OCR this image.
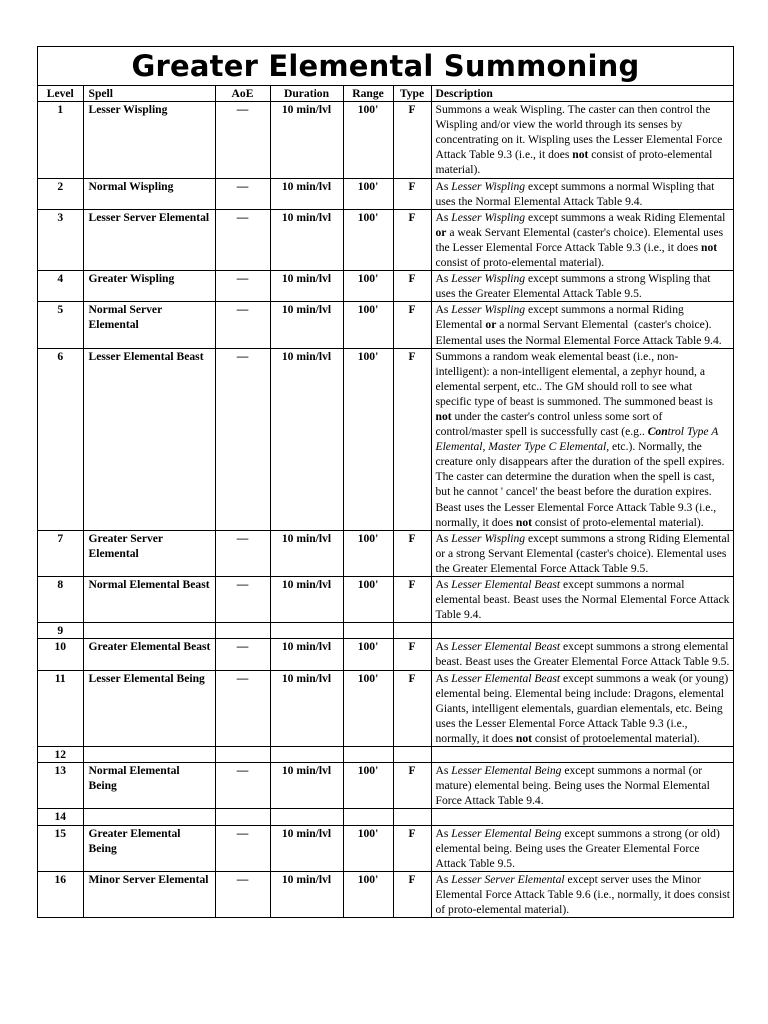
Greater Elemental Summoning
Level	Spell	AoE	Duration	Range	Type	Description
1	Lesser Wispling	—	10 min/lvl	100'	F	Summons a weak Wispling. The caster can then control the Wispling and/or view the world through its senses by concentrating on it. Wispling uses the Lesser Elemental Force Attack Table 9.3 (i.e., it does not consist of proto-elemental material).
2	Normal Wispling	—	10 min/lvl	100'	F	As Lesser Wispling except summons a normal Wispling that uses the Normal Elemental Attack Table 9.4.
3	Lesser Server Elemental	—	10 min/lvl	100'	F	As Lesser Wispling except summons a weak Riding Elemental or a weak Servant Elemental (caster's choice). Elemental uses the Lesser Elemental Force Attack Table 9.3 (i.e., it does not consist of proto-elemental material).
4	Greater Wispling	—	10 min/lvl	100'	F	As Lesser Wispling except summons a strong Wispling that uses the Greater Elemental Attack Table 9.5.
5	Normal Server Elemental	—	10 min/lvl	100'	F	As Lesser Wispling except summons a normal Riding Elemental or a normal Servant Elemental  (caster's choice). Elemental uses the Normal Elemental Force Attack Table 9.4.
6	Lesser Elemental Beast	—	10 min/lvl	100'	F	Summons a random weak elemental beast (i.e., non-intelligent): a non-intelligent elemental, a zephyr hound, a elemental serpent, etc.. The GM should roll to see what specific type of beast is summoned. The summoned beast is not under the caster's control unless some sort of control/master spell is successfully cast (e.g.. Control Type A Elemental, Master Type C Elemental, etc.). Normally, the creature only disappears after the duration of the spell expires. The caster can determine the duration when the spell is cast, but he cannot ' cancel' the beast before the duration expires. Beast uses the Lesser Elemental Force Attack Table 9.3 (i.e., normally, it does not consist of proto-elemental material).
7	Greater Server Elemental	—	10 min/lvl	100'	F	As Lesser Wispling except summons a strong Riding Elemental or a strong Servant Elemental (caster's choice). Elemental uses the Greater Elemental Force Attack Table 9.5.
8	Normal Elemental Beast	—	10 min/lvl	100'	F	As Lesser Elemental Beast except summons a normal elemental beast. Beast uses the Normal Elemental Force Attack Table 9.4.
9						
10	Greater Elemental Beast	—	10 min/lvl	100'	F	As Lesser Elemental Beast except summons a strong elemental beast. Beast uses the Greater Elemental Force Attack Table 9.5.
11	Lesser Elemental Being	—	10 min/lvl	100'	F	As Lesser Elemental Beast except summons a weak (or young) elemental being. Elemental being include: Dragons, elemental Giants, intelligent elementals, guardian elementals, etc. Being uses the Lesser Elemental Force Attack Table 9.3 (i.e., normally, it does not consist of protoelemental material).
12						
13	Normal Elemental Being	—	10 min/lvl	100'	F	As Lesser Elemental Being except summons a normal (or mature) elemental being. Being uses the Normal Elemental Force Attack Table 9.4.
14						
15	Greater Elemental Being	—	10 min/lvl	100'	F	As Lesser Elemental Being except summons a strong (or old) elemental being. Being uses the Greater Elemental Force Attack Table 9.5.
16	Minor Server Elemental	—	10 min/lvl	100'	F	As Lesser Server Elemental except server uses the Minor Elemental Force Attack Table 9.6 (i.e., normally, it does consist of proto-elemental material).
